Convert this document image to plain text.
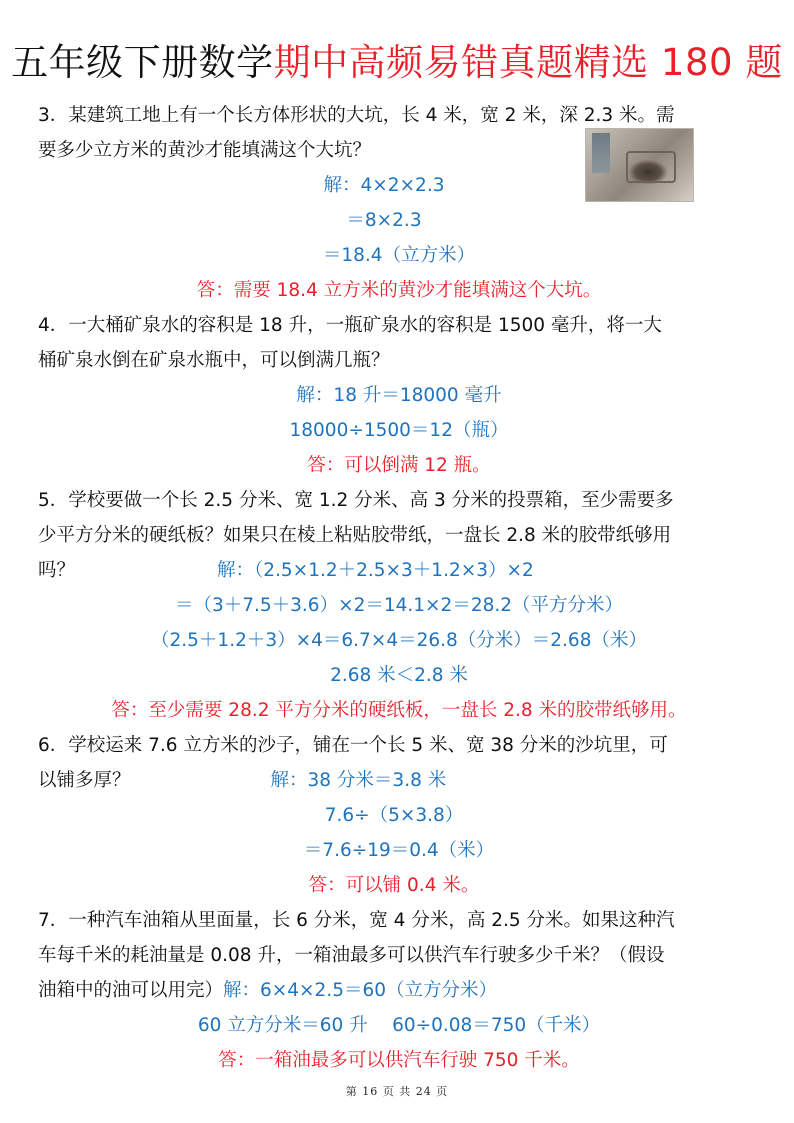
五年级下册数学期中高频易错真题精选 180 题
3．某建筑工地上有一个长方体形状的大坑，长 4 米，宽 2 米，深 2.3 米。需
要多少立方米的黄沙才能填满这个大坑？
解：4×2×2.3
＝8×2.3
＝18.4（立方米）
答：需要 18.4 立方米的黄沙才能填满这个大坑。
4．一大桶矿泉水的容积是 18 升，一瓶矿泉水的容积是 1500 毫升，将一大
桶矿泉水倒在矿泉水瓶中，可以倒满几瓶？
解：18 升＝18000 毫升
18000÷1500＝12（瓶）
答：可以倒满 12 瓶。
5．学校要做一个长 2.5 分米、宽 1.2 分米、高 3 分米的投票箱，至少需要多
少平方分米的硬纸板？如果只在棱上粘贴胶带纸，一盘长 2.8 米的胶带纸够用
吗？	解：（2.5×1.2＋2.5×3＋1.2×3）×2
＝（3＋7.5＋3.6）×2＝14.1×2＝28.2（平方分米）
（2.5＋1.2＋3）×4＝6.7×4＝26.8（分米）＝2.68（米）
2.68 米＜2.8 米
答：至少需要 28.2 平方分米的硬纸板，一盘长 2.8 米的胶带纸够用。
6．学校运来 7.6 立方米的沙子，铺在一个长 5 米、宽 38 分米的沙坑里，可
以铺多厚？	解：38 分米＝3.8 米
7.6÷（5×3.8）
＝7.6÷19＝0.4（米）
答：可以铺 0.4 米。
7．一种汽车油箱从里面量，长 6 分米，宽 4 分米，高 2.5 分米。如果这种汽
车每千米的耗油量是 0.08 升，一箱油最多可以供汽车行驶多少千米？（假设
油箱中的油可以用完）解：6×4×2.5＝60（立方分米）
60 立方分米＝60 升　 60÷0.08＝750（千米）
答：一箱油最多可以供汽车行驶 750 千米。
第 16 页 共 24 页
